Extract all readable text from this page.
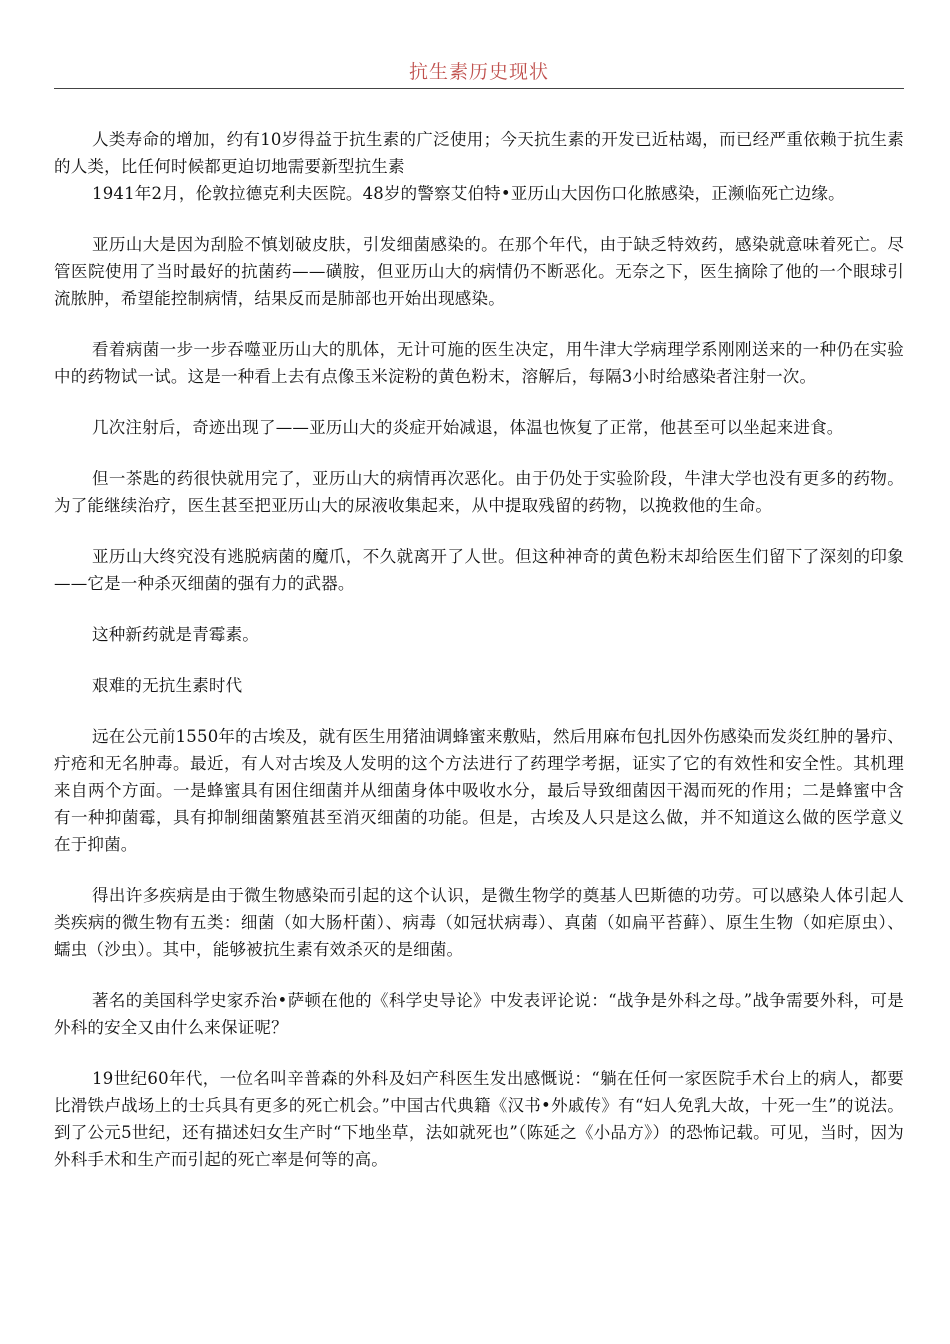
抗生素历史现状

人类寿命的增加，约有10岁得益于抗生素的广泛使用；今天抗生素的开发已近枯竭，而已经严重依赖于抗生素的人类，比任何时候都更迫切地需要新型抗生素

1941年2月，伦敦拉德克利夫医院。48岁的警察艾伯特•亚历山大因伤口化脓感染，正濒临死亡边缘。

亚历山大是因为刮脸不慎划破皮肤，引发细菌感染的。在那个年代，由于缺乏特效药，感染就意味着死亡。尽管医院使用了当时最好的抗菌药——磺胺，但亚历山大的病情仍不断恶化。无奈之下，医生摘除了他的一个眼球引流脓肿，希望能控制病情，结果反而是肺部也开始出现感染。

看着病菌一步一步吞噬亚历山大的肌体，无计可施的医生决定，用牛津大学病理学系刚刚送来的一种仍在实验中的药物试一试。这是一种看上去有点像玉米淀粉的黄色粉末，溶解后，每隔3小时给感染者注射一次。

几次注射后，奇迹出现了——亚历山大的炎症开始减退，体温也恢复了正常，他甚至可以坐起来进食。

但一茶匙的药很快就用完了，亚历山大的病情再次恶化。由于仍处于实验阶段，牛津大学也没有更多的药物。为了能继续治疗，医生甚至把亚历山大的尿液收集起来，从中提取残留的药物，以挽救他的生命。

亚历山大终究没有逃脱病菌的魔爪，不久就离开了人世。但这种神奇的黄色粉末却给医生们留下了深刻的印象——它是一种杀灭细菌的强有力的武器。

这种新药就是青霉素。

艰难的无抗生素时代

远在公元前1550年的古埃及，就有医生用猪油调蜂蜜来敷贴，然后用麻布包扎因外伤感染而发炎红肿的暑疖、疔疮和无名肿毒。最近，有人对古埃及人发明的这个方法进行了药理学考据，证实了它的有效性和安全性。其机理来自两个方面。一是蜂蜜具有困住细菌并从细菌身体中吸收水分，最后导致细菌因干渴而死的作用；二是蜂蜜中含有一种抑菌霉，具有抑制细菌繁殖甚至消灭细菌的功能。但是，古埃及人只是这么做，并不知道这么做的医学意义在于抑菌。

得出许多疾病是由于微生物感染而引起的这个认识，是微生物学的奠基人巴斯德的功劳。可以感染人体引起人类疾病的微生物有五类：细菌（如大肠杆菌）、病毒（如冠状病毒）、真菌（如扁平苔藓）、原生生物（如疟原虫）、蠕虫（沙虫）。其中，能够被抗生素有效杀灭的是细菌。

著名的美国科学史家乔治•萨顿在他的《科学史导论》中发表评论说：“战争是外科之母。”战争需要外科，可是外科的安全又由什么来保证呢？

19世纪60年代，一位名叫辛普森的外科及妇产科医生发出感慨说：“躺在任何一家医院手术台上的病人，都要比滑铁卢战场上的士兵具有更多的死亡机会。”中国古代典籍《汉书•外戚传》有“妇人免乳大故，十死一生”的说法。到了公元5世纪，还有描述妇女生产时“下地坐草，法如就死也”（陈延之《小品方》）的恐怖记载。可见，当时，因为外科手术和生产而引起的死亡率是何等的高。
